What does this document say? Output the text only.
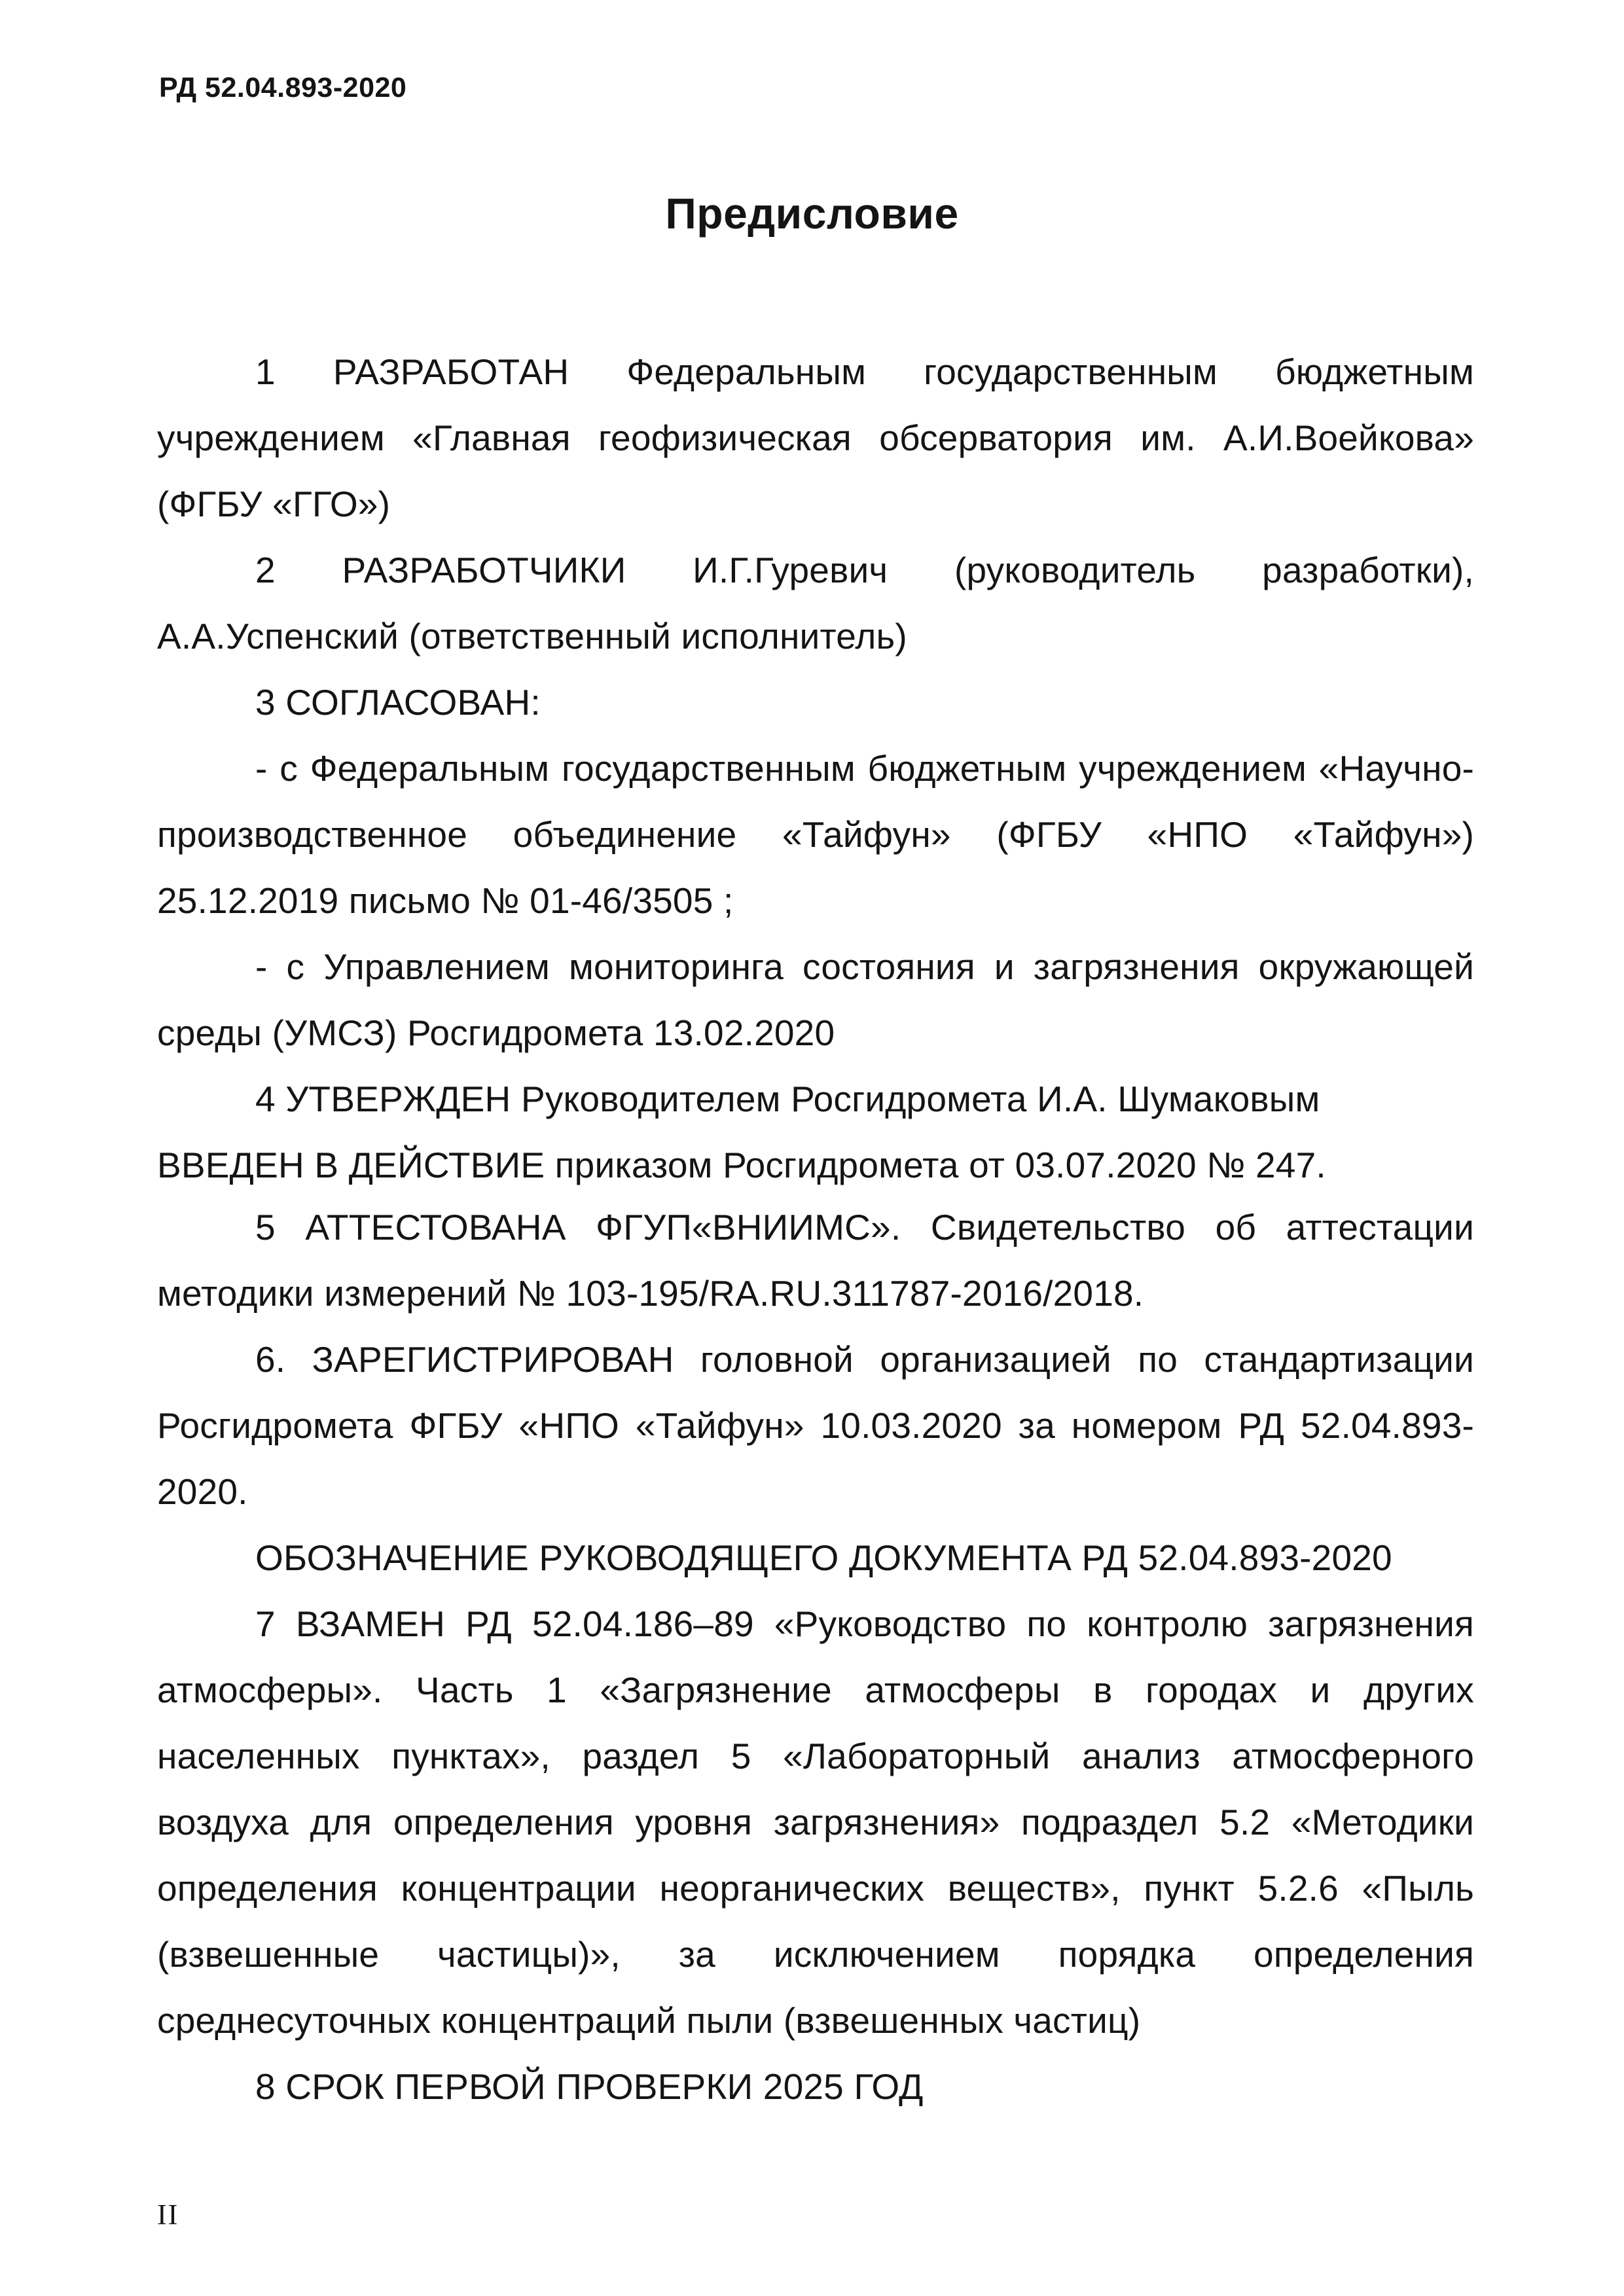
РД 52.04.893-2020
Предисловие

1 РАЗРАБОТАН Федеральным государственным бюджетным учреждением «Главная геофизическая обсерватория им. А.И.Воейкова» (ФГБУ «ГГО»)

2 РАЗРАБОТЧИКИ И.Г.Гуревич (руководитель разработки), А.А.Успенский (ответственный исполнитель)

3 СОГЛАСОВАН:

- с Федеральным государственным бюджетным учреждением «Научно-производственное объединение «Тайфун» (ФГБУ «НПО «Тайфун») 25.12.2019 письмо № 01-46/3505 ;

- с Управлением мониторинга состояния и загрязнения окружающей среды (УМСЗ) Росгидромета 13.02.2020

4 УТВЕРЖДЕН Руководителем Росгидромета И.А. Шумаковым

ВВЕДЕН В ДЕЙСТВИЕ приказом Росгидромета от 03.07.2020 № 247.

5 АТТЕСТОВАНА ФГУП«ВНИИМС». Свидетельство об аттестации методики измерений № 103-195/RA.RU.311787-2016/2018.

6. ЗАРЕГИСТРИРОВАН головной организацией по стандартизации Росгидромета ФГБУ «НПО «Тайфун» 10.03.2020 за номером РД 52.04.893-2020.

ОБОЗНАЧЕНИЕ РУКОВОДЯЩЕГО ДОКУМЕНТА РД 52.04.893-2020

7 ВЗАМЕН РД 52.04.186–89 «Руководство по контролю загрязнения атмосферы». Часть 1 «Загрязнение атмосферы в городах и других населенных пунктах», раздел 5 «Лабораторный анализ атмосферного воздуха для определения уровня загрязнения» подраздел 5.2 «Методики определения концентрации неорганических веществ», пункт 5.2.6 «Пыль (взвешенные частицы)», за исключением порядка определения среднесуточных концентраций пыли (взвешенных частиц)

8 СРОК ПЕРВОЙ ПРОВЕРКИ 2025 ГОД

II
